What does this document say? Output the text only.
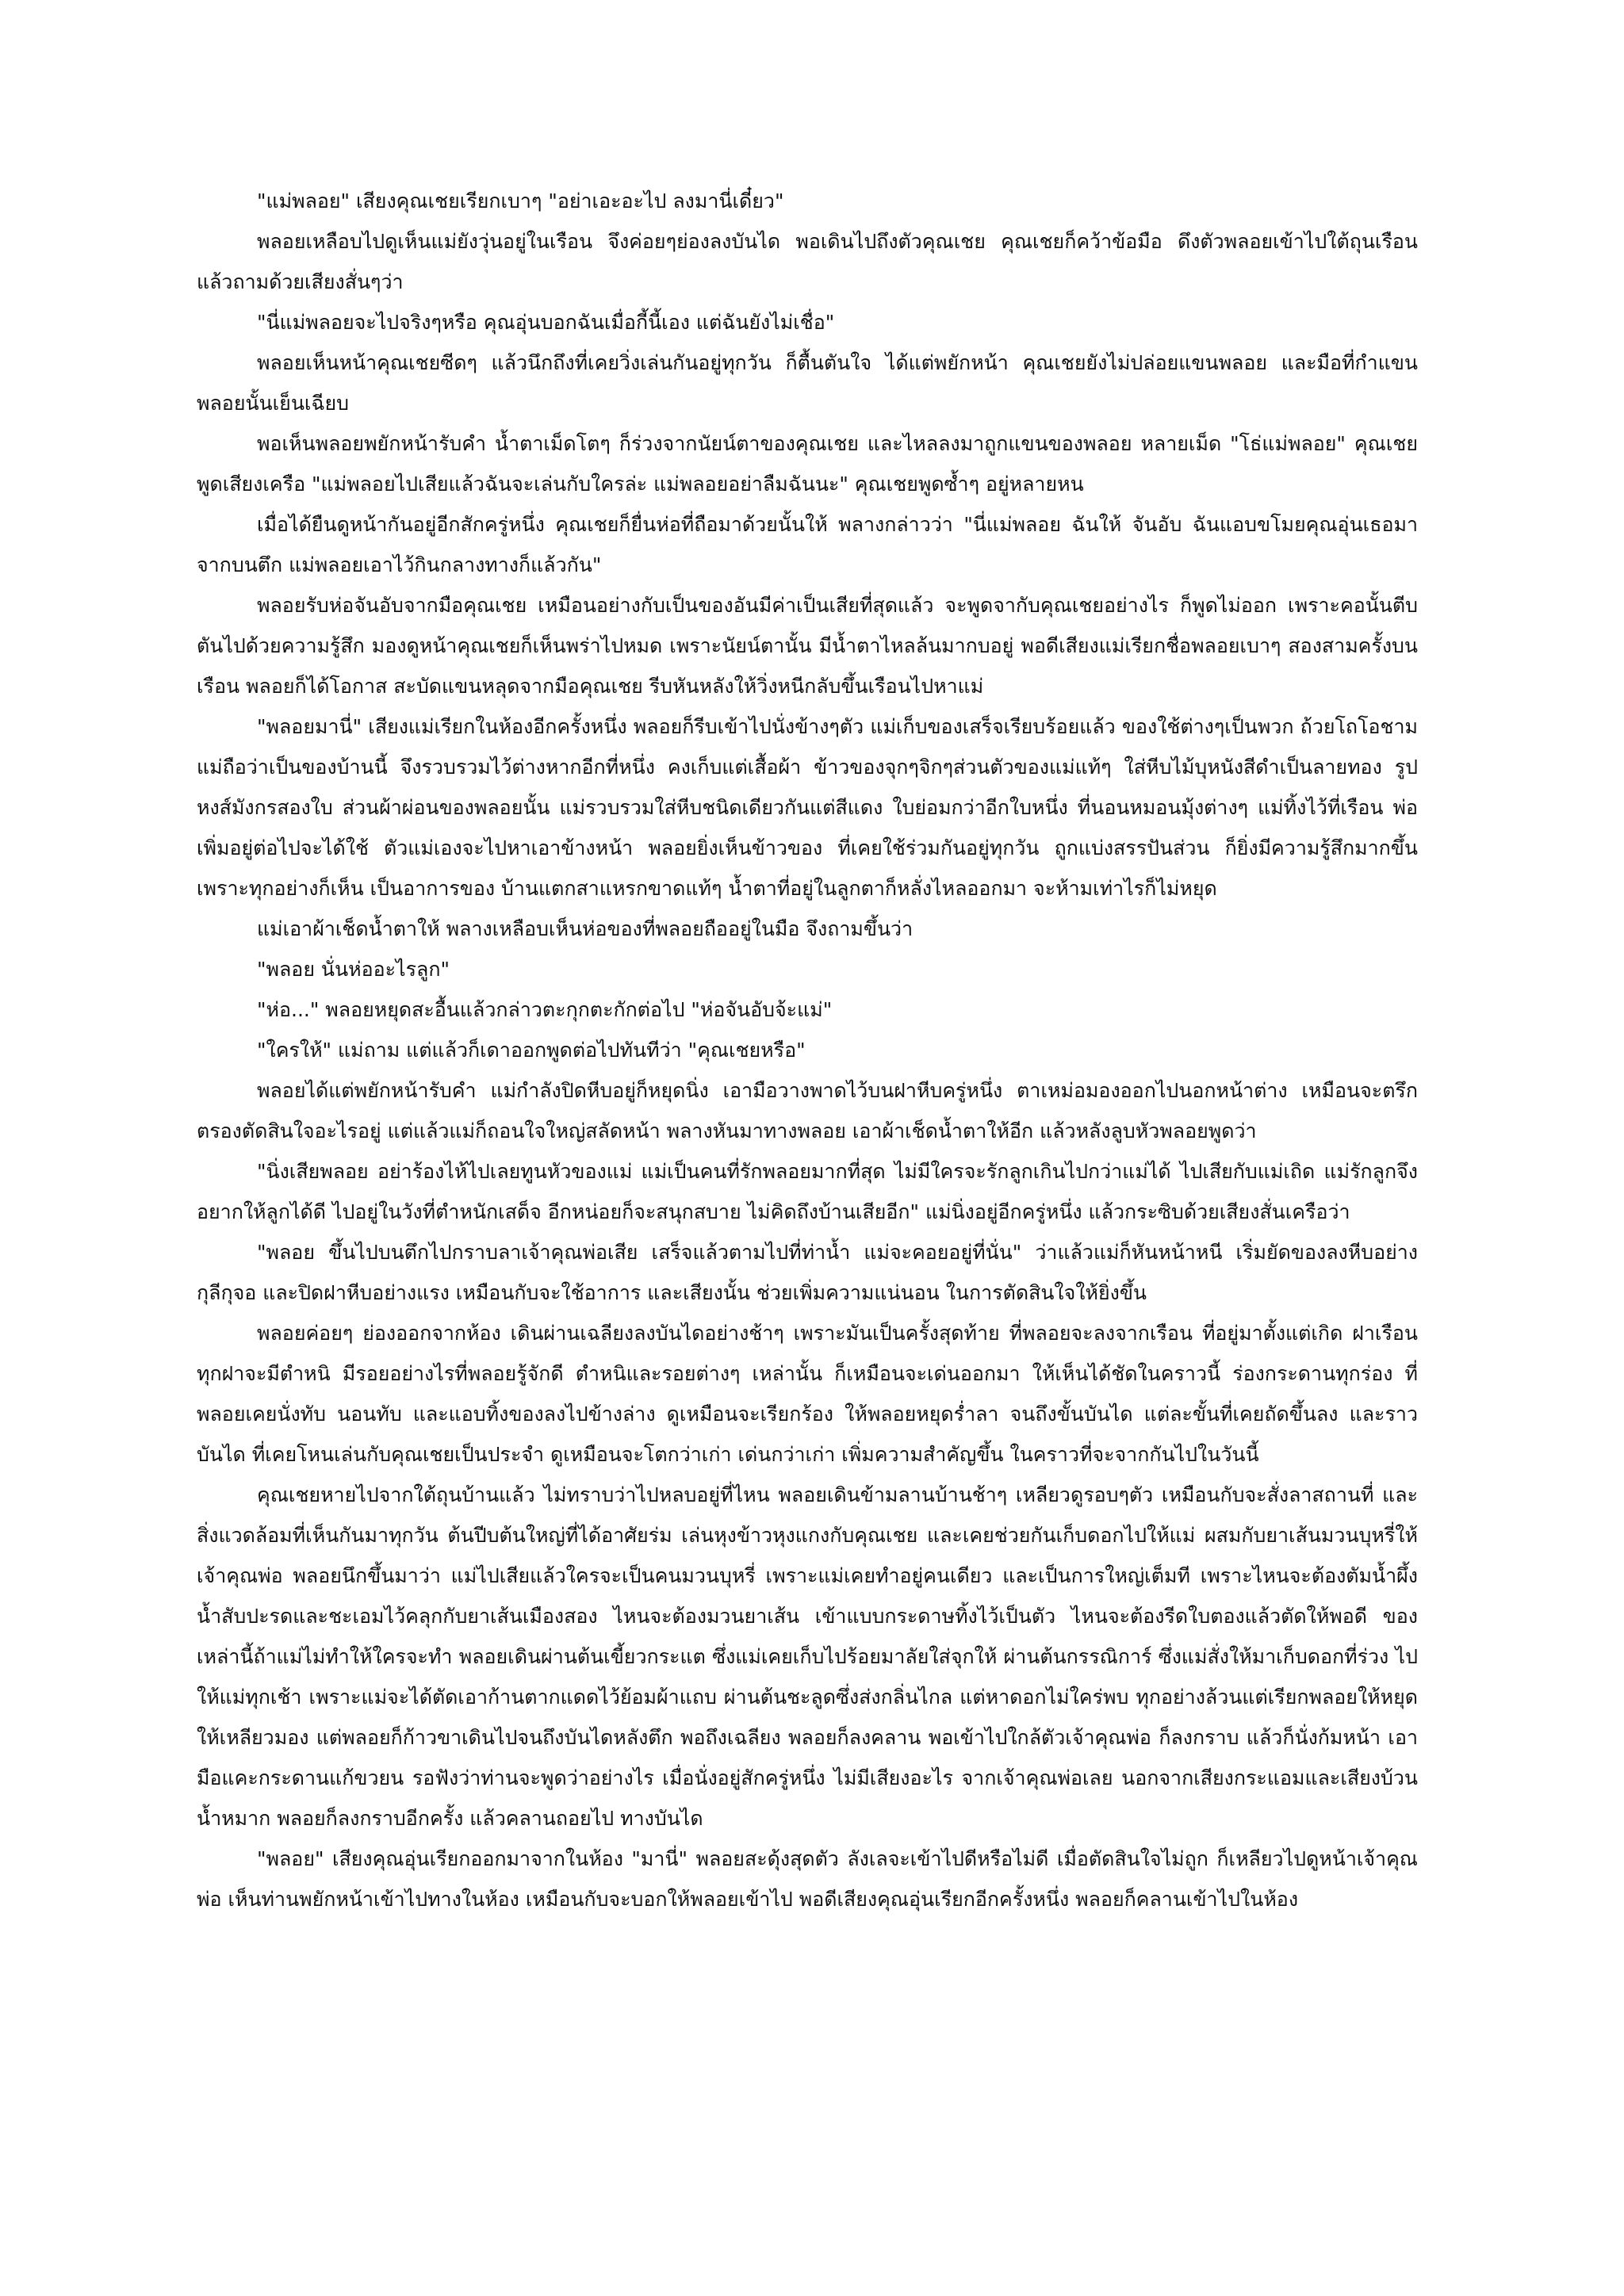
"แม่พลอย" เสียงคุณเชยเรียกเบาๆ "อย่าเอะอะไป ลงมานี่เดี๋ยว"

พลอยเหลือบไปดูเห็นแม่ยังวุ่นอยู่ในเรือน จึงค่อยๆย่องลงบันได พอเดินไปถึงตัวคุณเชย คุณเชยก็คว้าข้อมือ ดึงตัวพลอยเข้าไปใต้ถุนเรือน แล้วถามด้วยเสียงสั่นๆว่า

"นี่แม่พลอยจะไปจริงๆหรือ คุณอุ่นบอกฉันเมื่อกี้นี้เอง แต่ฉันยังไม่เชื่อ"

พลอยเห็นหน้าคุณเชยซีดๆ แล้วนึกถึงที่เคยวิ่งเล่นกันอยู่ทุกวัน ก็ตื้นตันใจ ได้แต่พยักหน้า คุณเชยยังไม่ปล่อยแขนพลอย และมือที่กำแขนพลอยนั้นเย็นเฉียบ

พอเห็นพลอยพยักหน้ารับคำ น้ำตาเม็ดโตๆ ก็ร่วงจากนัยน์ตาของคุณเชย และไหลลงมาถูกแขนของพลอย หลายเม็ด "โธ่แม่พลอย" คุณเชยพูดเสียงเครือ "แม่พลอยไปเสียแล้วฉันจะเล่นกับใครล่ะ แม่พลอยอย่าลืมฉันนะ" คุณเชยพูดซ้ำๆ อยู่หลายหน

เมื่อได้ยืนดูหน้ากันอยู่อีกสักครู่หนึ่ง คุณเชยก็ยื่นห่อที่ถือมาด้วยนั้นให้ พลางกล่าวว่า "นี่แม่พลอย ฉันให้ จันอับ ฉันแอบขโมยคุณอุ่นเธอมาจากบนตึก แม่พลอยเอาไว้กินกลางทางก็แล้วกัน"

พลอยรับห่อจันอับจากมือคุณเชย เหมือนอย่างกับเป็นของอันมีค่าเป็นเสียที่สุดแล้ว จะพูดจากับคุณเชยอย่างไร ก็พูดไม่ออก เพราะคอนั้นตีบตันไปด้วยความรู้สึก มองดูหน้าคุณเชยก็เห็นพร่าไปหมด เพราะนัยน์ตานั้น มีน้ำตาไหลล้นมากบอยู่ พอดีเสียงแม่เรียกชื่อพลอยเบาๆ สองสามครั้งบนเรือน พลอยก็ได้โอกาส สะบัดแขนหลุดจากมือคุณเชย รีบหันหลังให้วิ่งหนีกลับขึ้นเรือนไปหาแม่

"พลอยมานี่" เสียงแม่เรียกในห้องอีกครั้งหนึ่ง พลอยก็รีบเข้าไปนั่งข้างๆตัว แม่เก็บของเสร็จเรียบร้อยแล้ว ของใช้ต่างๆเป็นพวก ถ้วยโถโอชาม แม่ถือว่าเป็นของบ้านนี้ จึงรวบรวมไว้ต่างหากอีกที่หนึ่ง คงเก็บแต่เสื้อผ้า ข้าวของจุกๆจิกๆส่วนตัวของแม่แท้ๆ ใส่หีบไม้บุหนังสีดำเป็นลายทอง รูปหงส์มังกรสองใบ ส่วนผ้าผ่อนของพลอยนั้น แม่รวบรวมใส่หีบชนิดเดียวกันแต่สีแดง ใบย่อมกว่าอีกใบหนึ่ง ที่นอนหมอนมุ้งต่างๆ แม่ทิ้งไว้ที่เรือน พ่อเพิ่มอยู่ต่อไปจะได้ใช้ ตัวแม่เองจะไปหาเอาข้างหน้า พลอยยิ่งเห็นข้าวของ ที่เคยใช้ร่วมกันอยู่ทุกวัน ถูกแบ่งสรรปันส่วน ก็ยิ่งมีความรู้สึกมากขึ้น เพราะทุกอย่างก็เห็น เป็นอาการของ บ้านแตกสาแหรกขาดแท้ๆ น้ำตาที่อยู่ในลูกตาก็หลั่งไหลออกมา จะห้ามเท่าไรก็ไม่หยุด

แม่เอาผ้าเช็ดน้ำตาให้ พลางเหลือบเห็นห่อของที่พลอยถืออยู่ในมือ จึงถามขึ้นว่า

"พลอย นั่นห่ออะไรลูก"

"ห่อ..." พลอยหยุดสะอื้นแล้วกล่าวตะกุกตะกักต่อไป "ห่อจันอับจ้ะแม่"

"ใครให้" แม่ถาม แต่แล้วก็เดาออกพูดต่อไปทันทีว่า "คุณเชยหรือ"

พลอยได้แต่พยักหน้ารับคำ แม่กำลังปิดหีบอยู่ก็หยุดนิ่ง เอามือวางพาดไว้บนฝาหีบครู่หนึ่ง ตาเหม่อมองออกไปนอกหน้าต่าง เหมือนจะตรึกตรองตัดสินใจอะไรอยู่ แต่แล้วแม่ก็ถอนใจใหญ่สลัดหน้า พลางหันมาทางพลอย เอาผ้าเช็ดน้ำตาให้อีก แล้วหลังลูบหัวพลอยพูดว่า

"นิ่งเสียพลอย อย่าร้องไห้ไปเลยทูนหัวของแม่ แม่เป็นคนที่รักพลอยมากที่สุด ไม่มีใครจะรักลูกเกินไปกว่าแม่ได้ ไปเสียกับแม่เถิด แม่รักลูกจึงอยากให้ลูกได้ดี ไปอยู่ในวังที่ตำหนักเสด็จ อีกหน่อยก็จะสนุกสบาย ไม่คิดถึงบ้านเสียอีก" แม่นิ่งอยู่อีกครู่หนึ่ง แล้วกระซิบด้วยเสียงสั่นเครือว่า

"พลอย ขึ้นไปบนตึกไปกราบลาเจ้าคุณพ่อเสีย เสร็จแล้วตามไปที่ท่าน้ำ แม่จะคอยอยู่ที่นั่น" ว่าแล้วแม่ก็หันหน้าหนี เริ่มยัดของลงหีบอย่างกุลีกุจอ และปิดฝาหีบอย่างแรง เหมือนกับจะใช้อาการ และเสียงนั้น ช่วยเพิ่มความแน่นอน ในการตัดสินใจให้ยิ่งขึ้น

พลอยค่อยๆ ย่องออกจากห้อง เดินผ่านเฉลียงลงบันไดอย่างช้าๆ เพราะมันเป็นครั้งสุดท้าย ที่พลอยจะลงจากเรือน ที่อยู่มาตั้งแต่เกิด ฝาเรือนทุกฝาจะมีตำหนิ มีรอยอย่างไรที่พลอยรู้จักดี ตำหนิและรอยต่างๆ เหล่านั้น ก็เหมือนจะเด่นออกมา ให้เห็นได้ชัดในคราวนี้ ร่องกระดานทุกร่อง ที่พลอยเคยนั่งทับ นอนทับ และแอบทิ้งของลงไปข้างล่าง ดูเหมือนจะเรียกร้อง ให้พลอยหยุดร่ำลา จนถึงขั้นบันได แต่ละขั้นที่เคยถัดขึ้นลง และราวบันได ที่เคยโหนเล่นกับคุณเชยเป็นประจำ ดูเหมือนจะโตกว่าเก่า เด่นกว่าเก่า เพิ่มความสำคัญขึ้น ในคราวที่จะจากกันไปในวันนี้

คุณเชยหายไปจากใต้ถุนบ้านแล้ว ไม่ทราบว่าไปหลบอยู่ที่ไหน พลอยเดินข้ามลานบ้านช้าๆ เหลียวดูรอบๆตัว เหมือนกับจะสั่งลาสถานที่ และสิ่งแวดล้อมที่เห็นกันมาทุกวัน ต้นปีบต้นใหญ่ที่ได้อาศัยร่ม เล่นหุงข้าวหุงแกงกับคุณเชย และเคยช่วยกันเก็บดอกไปให้แม่ ผสมกับยาเส้นมวนบุหรี่ให้เจ้าคุณพ่อ พลอยนึกขึ้นมาว่า แม่ไปเสียแล้วใครจะเป็นคนมวนบุหรี่ เพราะแม่เคยทำอยู่คนเดียว และเป็นการใหญ่เต็มที เพราะไหนจะต้องตัมน้ำผึ้ง น้ำสับปะรดและชะเอมไว้คลุกกับยาเส้นเมืองสอง ไหนจะต้องมวนยาเส้น เข้าแบบกระดาษทิ้งไว้เป็นตัว ไหนจะต้องรีดใบตองแล้วตัดให้พอดี ของเหล่านี้ถ้าแม่ไม่ทำให้ใครจะทำ พลอยเดินผ่านต้นเขี้ยวกระแต ซึ่งแม่เคยเก็บไปร้อยมาลัยใส่จุกให้ ผ่านต้นกรรณิการ์ ซึ่งแม่สั่งให้มาเก็บดอกที่ร่วง ไปให้แม่ทุกเช้า เพราะแม่จะได้ตัดเอาก้านตากแดดไว้ย้อมผ้าแถบ ผ่านต้นชะลูดซึ่งส่งกลิ่นไกล แต่หาดอกไม่ใคร่พบ ทุกอย่างล้วนแต่เรียกพลอยให้หยุด ให้เหลียวมอง แต่พลอยก็ก้าวขาเดินไปจนถึงบันไดหลังตึก พอถึงเฉลียง พลอยก็ลงคลาน พอเข้าไปใกล้ตัวเจ้าคุณพ่อ ก็ลงกราบ แล้วก็นั่งก้มหน้า เอามือแคะกระดานแก้ขวยน รอฟังว่าท่านจะพูดว่าอย่างไร เมื่อนั่งอยู่สักครู่หนึ่ง ไม่มีเสียงอะไร จากเจ้าคุณพ่อเลย นอกจากเสียงกระแอมและเสียงบ้วนน้ำหมาก พลอยก็ลงกราบอีกครั้ง แล้วคลานถอยไป ทางบันได

"พลอย" เสียงคุณอุ่นเรียกออกมาจากในห้อง "มานี่" พลอยสะดุ้งสุดตัว ลังเลจะเข้าไปดีหรือไม่ดี เมื่อตัดสินใจไม่ถูก ก็เหลียวไปดูหน้าเจ้าคุณพ่อ เห็นท่านพยักหน้าเข้าไปทางในห้อง เหมือนกับจะบอกให้พลอยเข้าไป พอดีเสียงคุณอุ่นเรียกอีกครั้งหนึ่ง พลอยก็คลานเข้าไปในห้อง
